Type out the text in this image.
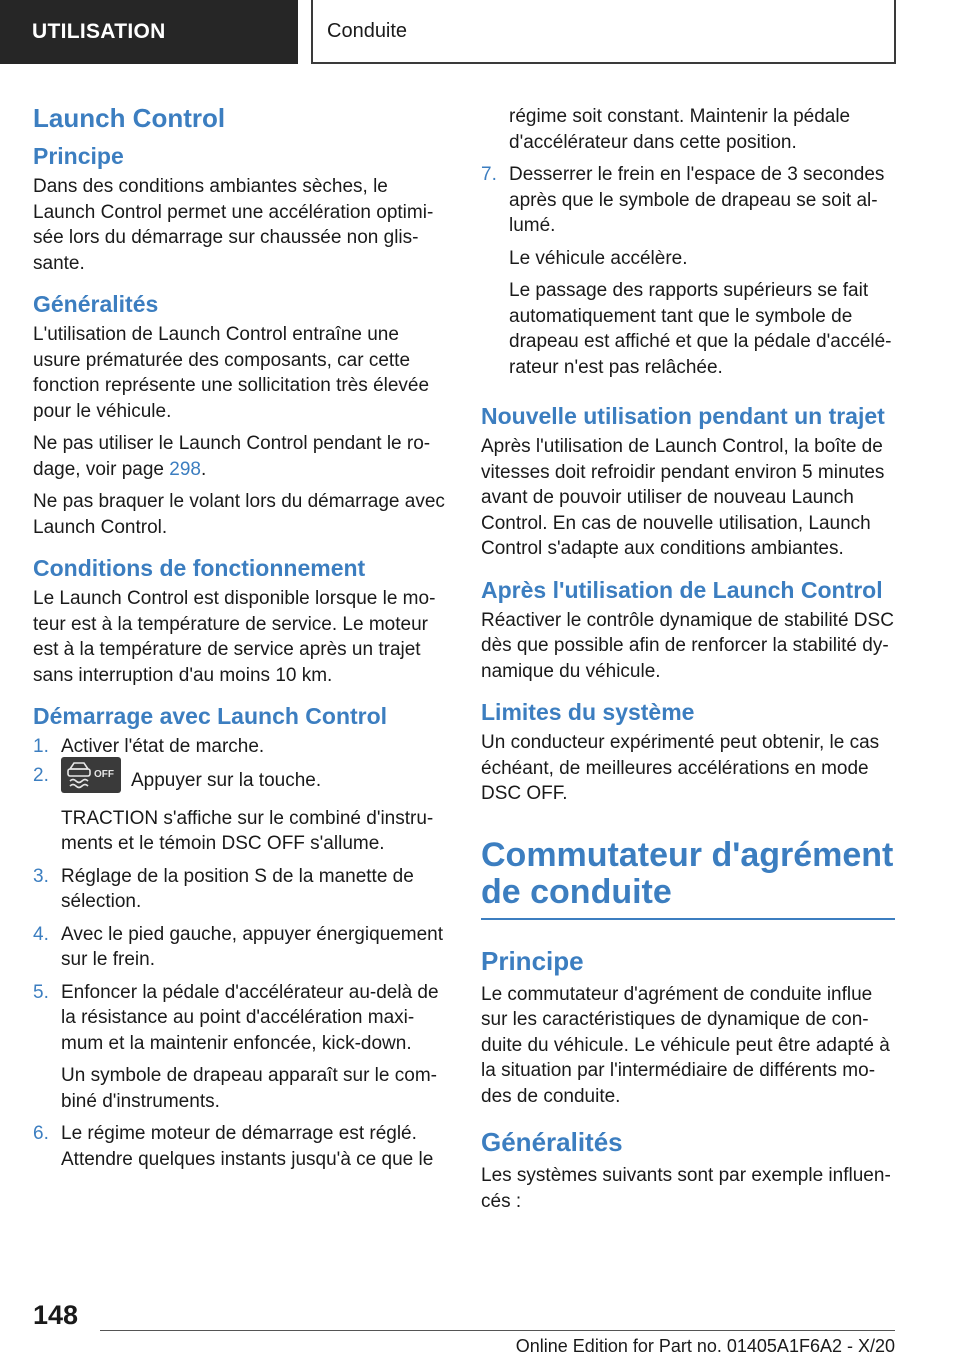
UTILISATION	Conduite
Launch Control
Principe

Dans des conditions ambiantes sèches, le Launch Control permet une accélération optimisée lors du démarrage sur chaussée non glissante.

Généralités

L'utilisation de Launch Control entraîne une usure prématurée des composants, car cette fonction représente une sollicitation très élevée pour le véhicule.

Ne pas utiliser le Launch Control pendant le rodage, voir page 298.

Ne pas braquer le volant lors du démarrage avec Launch Control.

Conditions de fonctionnement

Le Launch Control est disponible lorsque le moteur est à la température de service. Le moteur est à la température de service après un trajet sans interruption d'au moins 10 km.

Démarrage avec Launch Control
1. Activer l'état de marche.

2.	OFF Appuyer sur la touche.

TRACTION s'affiche sur le combiné d'instruments et le témoin DSC OFF s'allume.

3. Réglage de la position S de la manette de sélection.

4. Avec le pied gauche, appuyer énergiquement sur le frein.

5. Enfoncer la pédale d'accélérateur au-delà de la résistance au point d'accélération maximum et la maintenir enfoncée, kick-down.

Un symbole de drapeau apparaît sur le combiné d'instruments.

6. Le régime moteur de démarrage est réglé. Attendre quelques instants jusqu'à ce que le

régime soit constant. Maintenir la pédale d'accélérateur dans cette position.

7. Desserrer le frein en l'espace de 3 secondes après que le symbole de drapeau se soit allumé.

Le véhicule accélère.

Le passage des rapports supérieurs se fait automatiquement tant que le symbole de drapeau est affiché et que la pédale d'accélérateur n'est pas relâchée.

Nouvelle utilisation pendant un trajet

Après l'utilisation de Launch Control, la boîte de vitesses doit refroidir pendant environ 5 minutes avant de pouvoir utiliser de nouveau Launch Control. En cas de nouvelle utilisation, Launch Control s'adapte aux conditions ambiantes.

Après l'utilisation de Launch Control

Réactiver le contrôle dynamique de stabilité DSC dès que possible afin de renforcer la stabilité dynamique du véhicule.

Limites du système

Un conducteur expérimenté peut obtenir, le cas échéant, de meilleures accélérations en mode DSC OFF.

Commutateur d'agrément de conduite
Principe

Le commutateur d'agrément de conduite influe sur les caractéristiques de dynamique de conduite du véhicule. Le véhicule peut être adapté à la situation par l'intermédiaire de différents modes de conduite.

Généralités

Les systèmes suivants sont par exemple influencés :

148
Online Edition for Part no. 01405A1F6A2 - X/20
